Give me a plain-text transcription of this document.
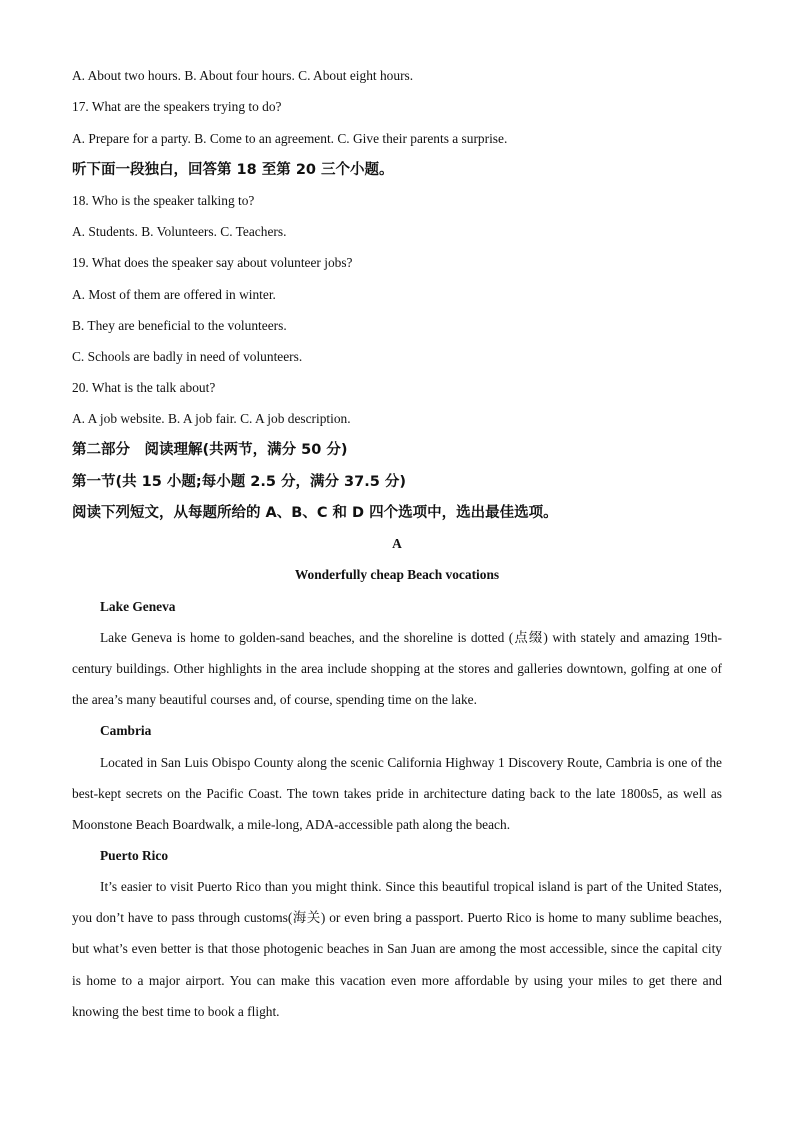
A. About two hours. B. About four hours. C. About eight hours.
17. What are the speakers trying to do?
A. Prepare for a party. B. Come to an agreement. C. Give their parents a surprise.
听下面一段独白，回答第 18 至第 20 三个小题。
18. Who is the speaker talking to?
A. Students. B. Volunteers. C. Teachers.
19. What does the speaker say about volunteer jobs?
A. Most of them are offered in winter.
B. They are beneficial to the volunteers.
C. Schools are badly in need of volunteers.
20. What is the talk about?
A. A job website. B. A job fair. C. A job description.
第二部分　阅读理解(共两节，满分 50 分)
第一节(共 15 小题;每小题 2.5 分，满分 37.5 分)
阅读下列短文，从每题所给的 A、B、C 和 D 四个选项中，选出最佳选项。
A
Wonderfully cheap Beach vocations
Lake Geneva

Lake Geneva is home to golden-sand beaches, and the shoreline is dotted (点缀) with stately and amazing 19th-century buildings. Other highlights in the area include shopping at the stores and galleries downtown, golfing at one of the area’s many beautiful courses and, of course, spending time on the lake.

Cambria

Located in San Luis Obispo County along the scenic California Highway 1 Discovery Route, Cambria is one of the best-kept secrets on the Pacific Coast. The town takes pride in architecture dating back to the late 1800s5, as well as Moonstone Beach Boardwalk, a mile-long, ADA-accessible path along the beach.

Puerto Rico

It’s easier to visit Puerto Rico than you might think. Since this beautiful tropical island is part of the United States, you don’t have to pass through customs(海关) or even bring a passport. Puerto Rico is home to many sublime beaches, but what’s even better is that those photogenic beaches in San Juan are among the most accessible, since the capital city is home to a major airport. You can make this vacation even more affordable by using your miles to get there and knowing the best time to book a flight.
